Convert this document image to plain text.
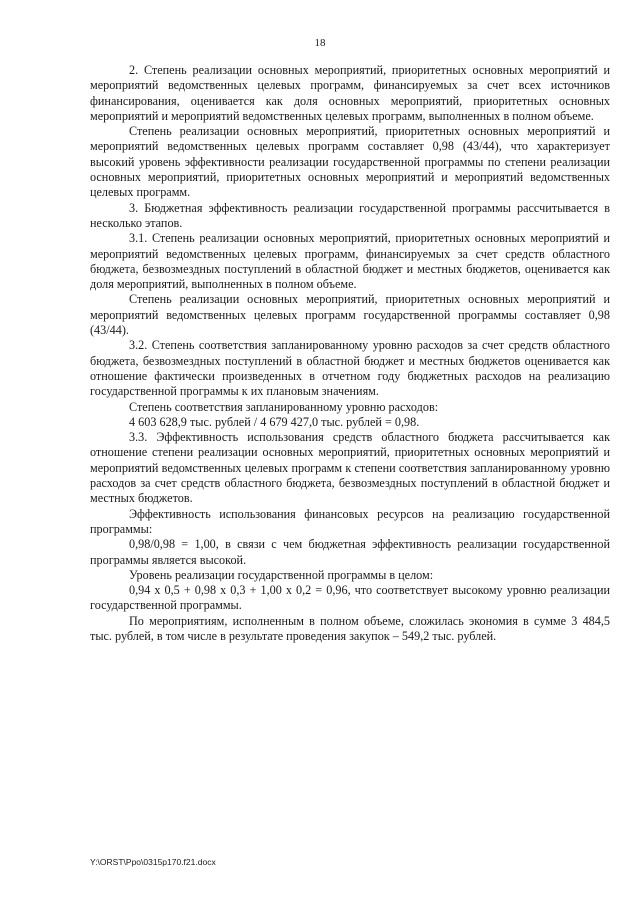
18

2. Степень реализации основных мероприятий, приоритетных основных мероприятий и мероприятий ведомственных целевых программ, финансируемых за счет всех источников финансирования, оценивается как доля основных мероприятий, приоритетных основных мероприятий и мероприятий ведомственных целевых программ, выполненных в полном объеме.

Степень реализации основных мероприятий, приоритетных основных мероприятий и мероприятий ведомственных целевых программ составляет 0,98 (43/44), что характеризует высокий уровень эффективности реализации государственной программы по степени реализации основных мероприятий, приоритетных основных мероприятий и мероприятий ведомственных целевых программ.

3. Бюджетная эффективность реализации государственной программы рассчитывается в несколько этапов.

3.1. Степень реализации основных мероприятий, приоритетных основных мероприятий и мероприятий ведомственных целевых программ, финансируемых за счет средств областного бюджета, безвозмездных поступлений в областной бюджет и местных бюджетов, оценивается как доля мероприятий, выполненных в полном объеме.

Степень реализации основных мероприятий, приоритетных основных мероприятий и мероприятий ведомственных целевых программ государственной программы составляет 0,98 (43/44).

3.2. Степень соответствия запланированному уровню расходов за счет средств областного бюджета, безвозмездных поступлений в областной бюджет и местных бюджетов оценивается как отношение фактически произведенных в отчетном году бюджетных расходов на реализацию государственной программы к их плановым значениям.

Степень соответствия запланированному уровню расходов:

4 603 628,9 тыс. рублей / 4 679 427,0 тыс. рублей = 0,98.

3.3. Эффективность использования средств областного бюджета рассчитывается как отношение степени реализации основных мероприятий, приоритетных основных мероприятий и мероприятий ведомственных целевых программ к степени соответствия запланированному уровню расходов за счет средств областного бюджета, безвозмездных поступлений в областной бюджет и местных бюджетов.

Эффективность использования финансовых ресурсов на реализацию государственной программы:

0,98/0,98 = 1,00, в связи с чем бюджетная эффективность реализации государственной программы является высокой.

Уровень реализации государственной программы в целом:

0,94 x 0,5 + 0,98 x 0,3 + 1,00 x 0,2 = 0,96, что соответствует высокому уровню реализации государственной программы.

По мероприятиям, исполненным в полном объеме, сложилась экономия в сумме 3 484,5 тыс. рублей, в том числе в результате проведения закупок – 549,2 тыс. рублей.

Y:\ORST\Ppo\0315p170.f21.docx
